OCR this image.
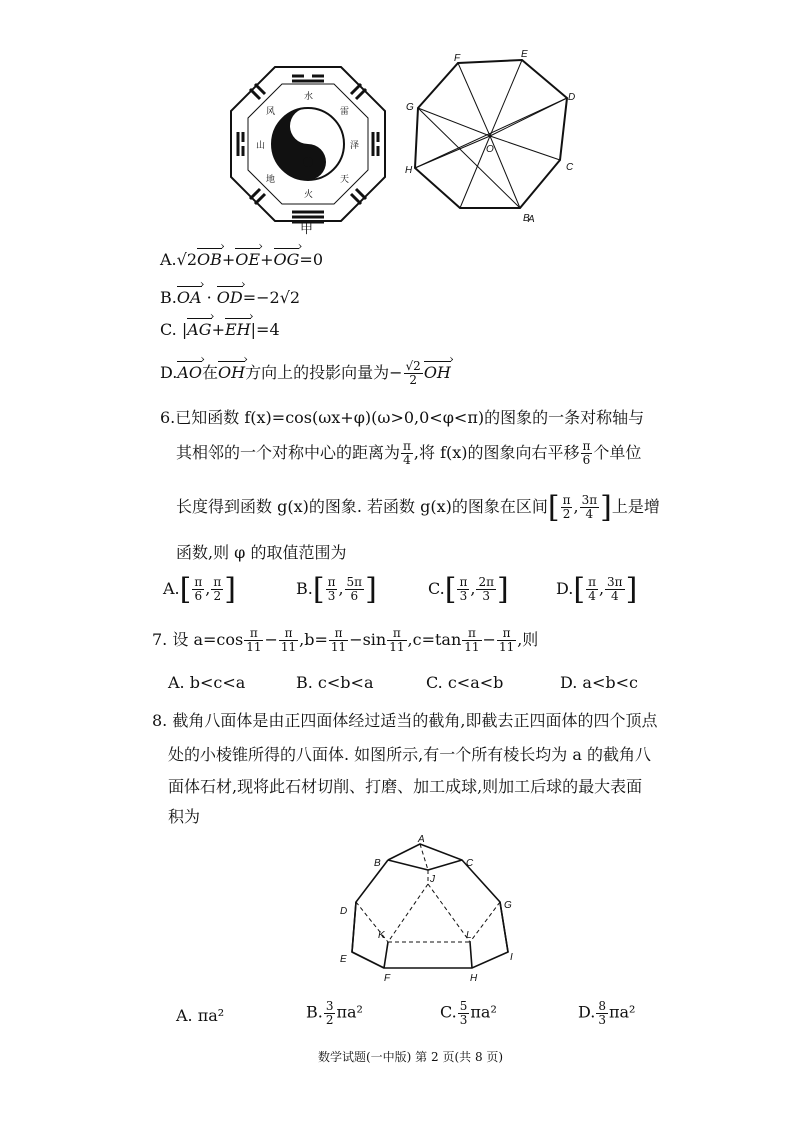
水
火
山	泽
风	雷
地	天
甲
A
B
C
D
E
F
G
H
O
A.√2OB ›+OE ›+OG ›=0
B.OA › · OD ›=−2√2
C. |AG ›+EH ›|=4
D.AO ›在OH ›方向上的投影向量为− $\frac{√2}{2}$ OH ›
6.已知函数 f(x)=cos(ωx+φ)(ω>0,0<φ<π)的图象的一条对称轴与
其相邻的一个对称中心的距离为 $\frac{\pi}{4}$ ,将 f(x)的图象向右平移 $\frac{\pi}{6}$ 个单位
长度得到函数 g(x)的图象. 若函数 g(x)的图象在区间[ $\frac{\pi}{2}$ , $\frac{3\pi}{4}$ ]上是增
函数,则 φ 的取值范围为
$A.[ \frac{\pi}{6}$ , $\frac{\pi}{2}$ ]	$B.[ \frac{\pi}{3}$ , $\frac{5\pi}{6}$ ]	$C.[ \frac{\pi}{3}$ , $\frac{2\pi}{3}$ ]	$D.[ \frac{\pi}{4}$ , $\frac{3\pi}{4}$ ]
7. 设 $a=\cos \frac{\pi}{11} - \frac{\pi}{11} ,b= \frac{\pi}{11} -\sin \frac{\pi}{11} ,c=\tan \frac{\pi}{11} - \frac{\pi}{11}$ ,则
A. b<c<a	B. c<b<a	C. c<a<b	D. a<b<c
8. 截角八面体是由正四面体经过适当的截角,即截去正四面体的四个顶点
处的小棱锥所得的八面体. 如图所示,有一个所有棱长均为 a 的截角八
面体石材,现将此石材切削、打磨、加工成球,则加工后球的最大表面
积为
A
B	C
D
E
F
G
H
I
J
K	L
A. πa²	B. $\frac{3}{2} \pi a^2$	C. $\frac{5}{3} \pi a^2$	D. $\frac{8}{3} \pi a^2$
数学试题(一中版) 第 2 页(共 8 页)
